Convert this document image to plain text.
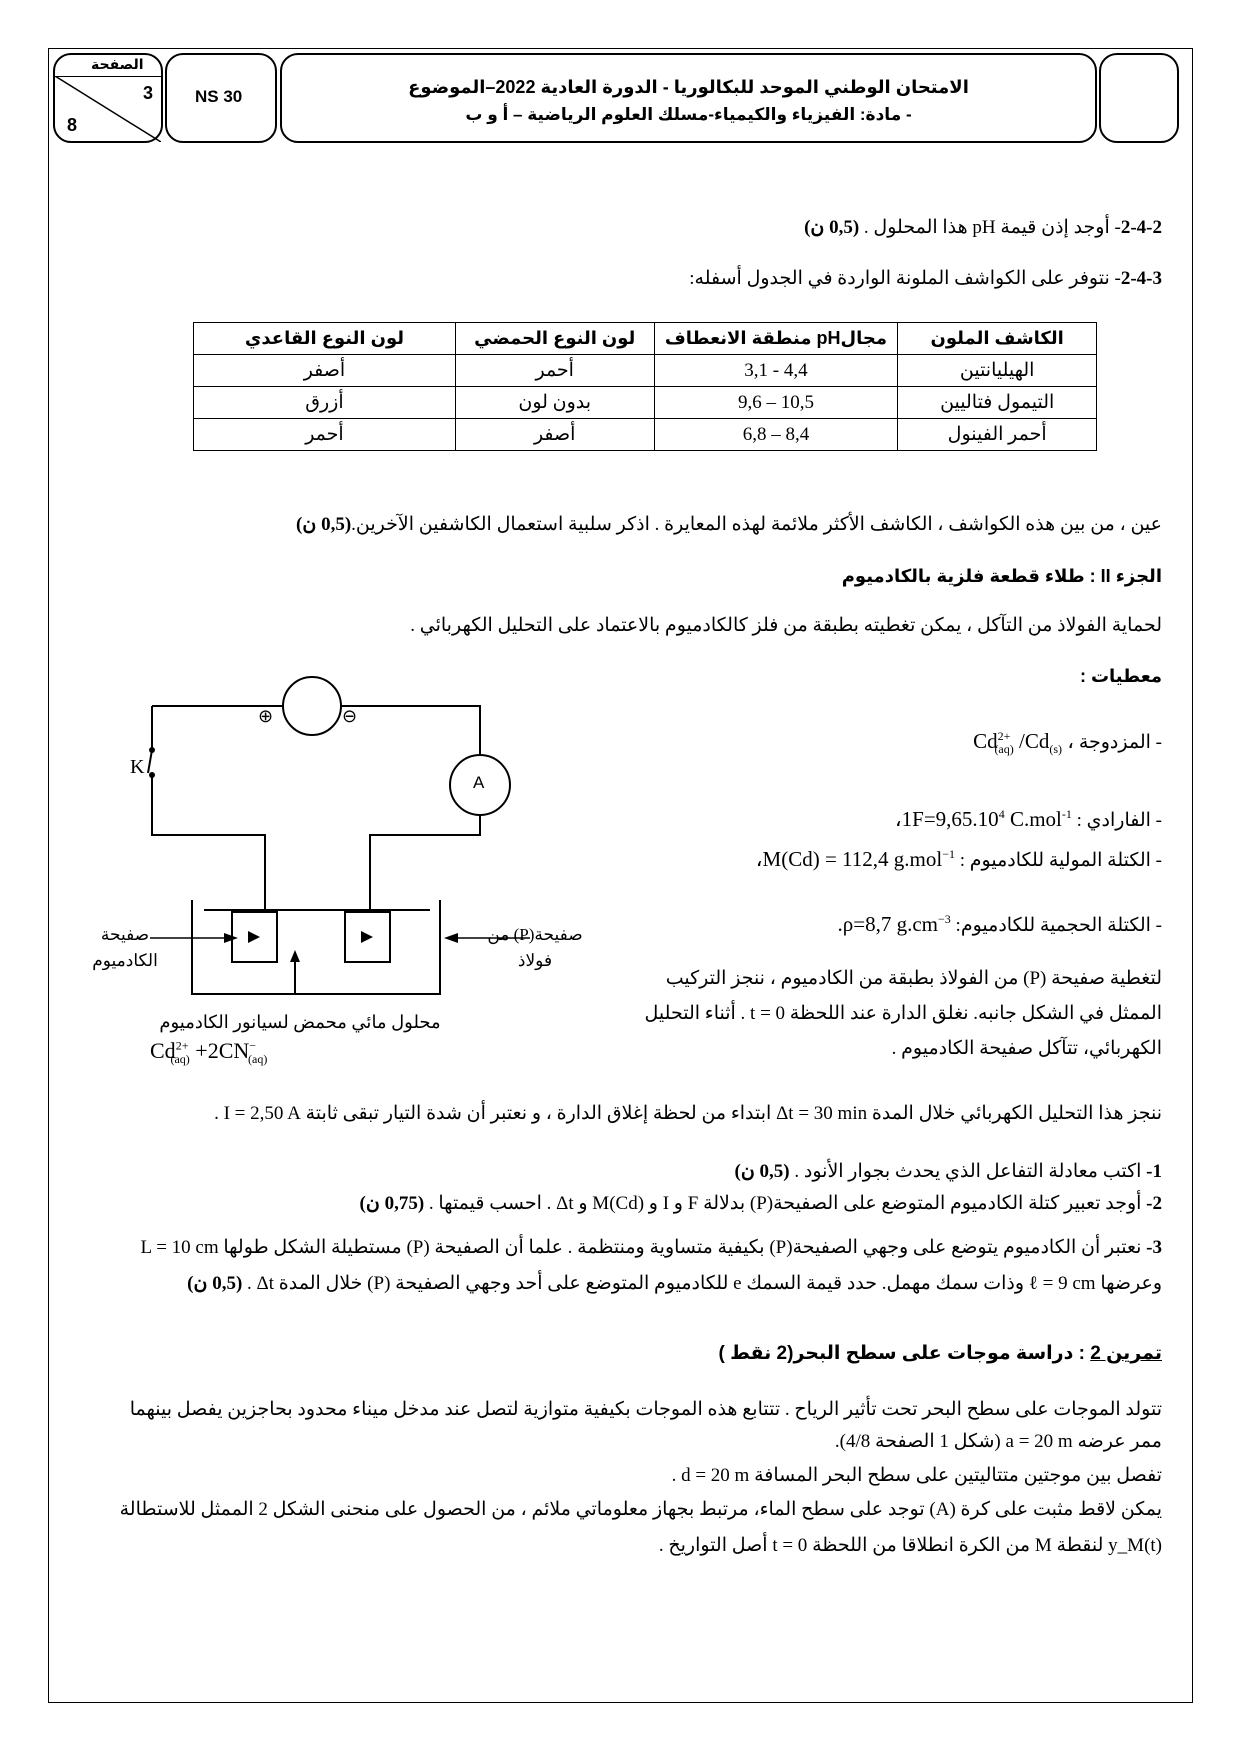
الصفحة
3
8
NS 30	الامتحان الوطني الموحد للبكالوريا - الدورة العادية 2022–الموضوع
- مادة: الفيزياء والكيمياء-مسلك العلوم الرياضية – أ و ب
2-4-2- أوجد إذن قيمة pH هذا المحلول . (0,5 ن)
2-4-3- نتوفر على الكواشف الملونة الواردة في الجدول أسفله:
الكاشف الملون	مجالpH منطقة الانعطاف	لون النوع الحمضي	لون النوع القاعدي
الهيليانتين	3,1 - 4,4	أحمر	أصفر
التيمول فتاليين	9,6 – 10,5	بدون لون	أزرق
أحمر الفينول	6,8 – 8,4	أصفر	أحمر
عين ، من بين هذه الكواشف ، الكاشف الأكثر ملائمة لهذه المعايرة . اذكر سلبية استعمال الكاشفين الآخرين.(0,5 ن)
الجزء II : طلاء قطعة فلزية بالكادميوم
لحماية الفولاذ من التآكل ، يمكن تغطيته بطبقة من فلز كالكادميوم بالاعتماد على التحليل الكهربائي .
معطيات :
- المزدوجة $Cd^{2+}_{(aq)}$ $/Cd_{(s)}$ ،
- الفارادي : $،1F=9,65.10^4$ C.mol$^{-1}$
- الكتلة المولية للكادميوم : ،M(Cd) = 112,4 g.mol$^{-1}$
- الكتلة الحجمية للكادميوم: .ρ=8,7 $g.cm^{-3}$
لتغطية صفيحة (P) من الفولاذ بطبقة من الكادميوم ، ننجز التركيب
الممثل في الشكل جانبه. نغلق الدارة عند اللحظة t = 0 . أثناء التحليل
الكهربائي، تتآكل صفيحة الكادميوم .
K
⊕	⊖
A
صفيحة
الكادميوم
صفيحة(P) من
فولاذ
محلول مائي محمض لسيانور الكادميوم
$Cd^{2+}_{(aq)} +2CN^-_{(aq)}$
ننجز هذا التحليل الكهربائي خلال المدة Δt = 30 min ابتداء من لحظة إغلاق الدارة ، و نعتبر أن شدة التيار تبقى ثابتة I = 2,50 A .
1- اكتب معادلة التفاعل الذي يحدث بجوار الأنود . (0,5 ن)
2- أوجد تعبير كتلة الكادميوم المتوضع على الصفيحة(P) بدلالة F و I و M(Cd) و Δt . احسب قيمتها . (0,75 ن)
3- نعتبر أن الكادميوم يتوضع على وجهي الصفيحة(P) بكيفية متساوية ومنتظمة . علما أن الصفيحة (P) مستطيلة الشكل طولها L = 10 cm
وعرضها ℓ = 9 cm وذات سمك مهمل. حدد قيمة السمك e للكادميوم المتوضع على أحد وجهي الصفيحة (P) خلال المدة Δt . (0,5 ن)
تمرين 2 : دراسة موجات على سطح البحر(2 نقط )
تتولد الموجات على سطح البحر تحت تأثير الرياح . تتتابع هذه الموجات بكيفية متوازية لتصل عند مدخل ميناء محدود بحاجزين يفصل بينهما
ممر عرضه a = 20 m (شكل 1 الصفحة 4/8).
تفصل بين موجتين متتاليتين على سطح البحر المسافة d = 20 m .
يمكن لاقط مثبت على كرة (A) توجد على سطح الماء، مرتبط بجهاز معلوماتي ملائم ، من الحصول على منحنى الشكل 2 الممثل للاستطالة
y_M(t) لنقطة M من الكرة انطلاقا من اللحظة t = 0 أصل التواريخ .
